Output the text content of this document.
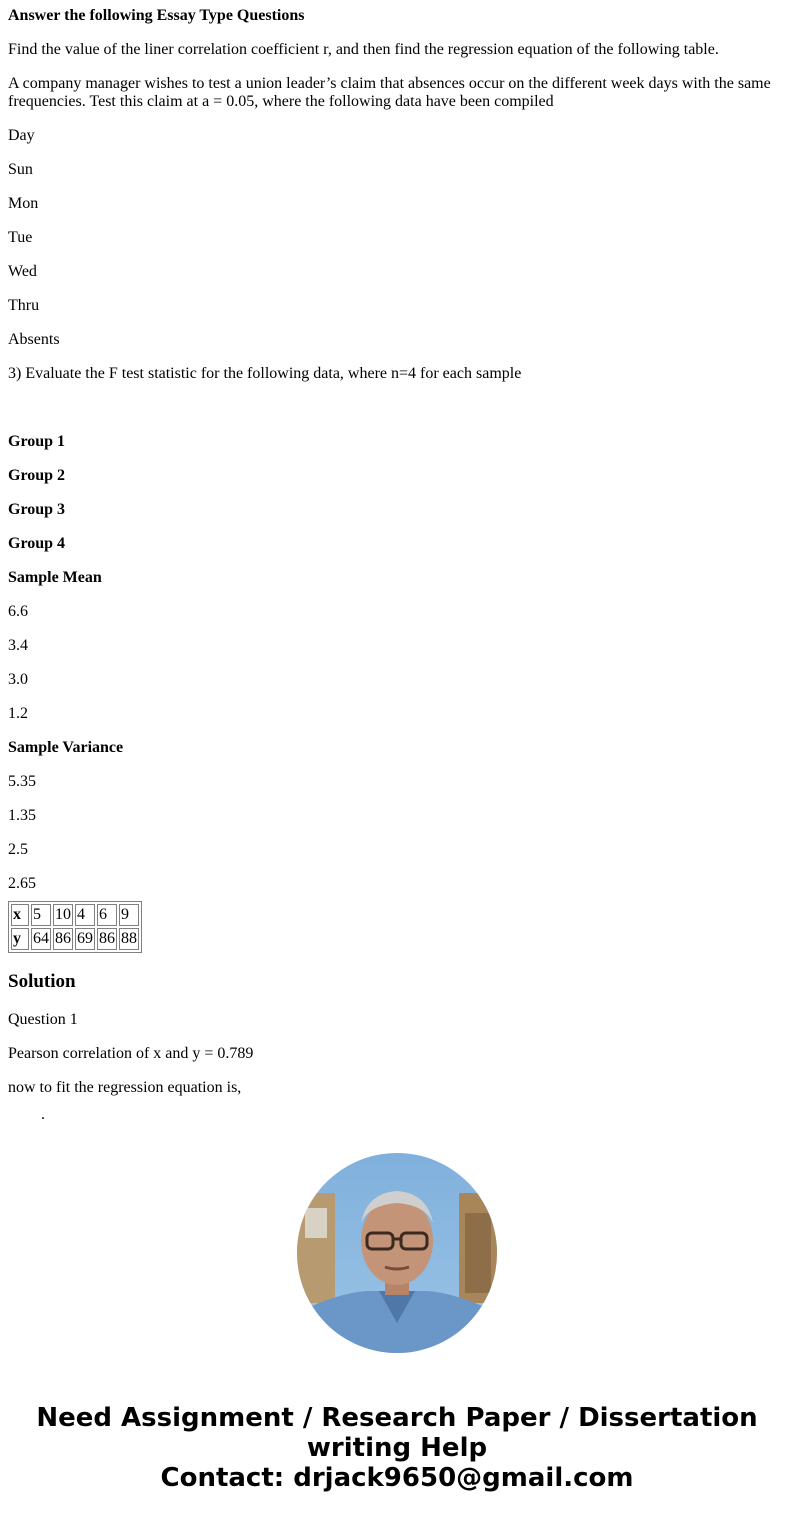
Answer the following Essay Type Questions

Find the value of the liner correlation coefficient r, and then find the regression equation of the following table.

A company manager wishes to test a union leader’s claim that absences occur on the different week days with the same frequencies. Test this claim at a = 0.05, where the following data have been compiled

Day

Sun

Mon

Tue

Wed

Thru

Absents

3) Evaluate the F test statistic for the following data, where n=4 for each sample

Group 1

Group 2

Group 3

Group 4

Sample Mean

6.6

3.4

3.0

1.2

Sample Variance

5.35

1.35

2.5

2.65

x	5	10	4	6	9
y	64	86	69	86	88
Solution

Question 1

Pearson correlation of x and y = 0.789

now to fit the regression equation is,

.
Need Assignment / Research Paper / Dissertation writing Help
Contact: drjack9650@gmail.com
